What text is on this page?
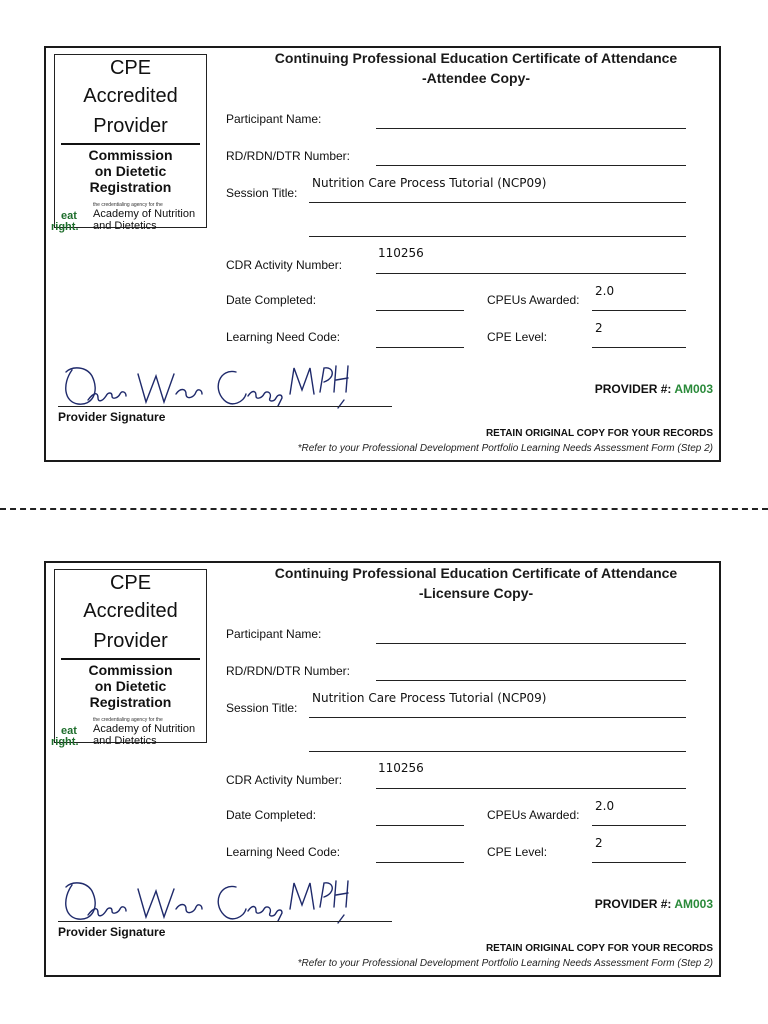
CPE
Accredited
Provider
Commission
on Dietetic
Registration
the credentialing agency for the
Academy of Nutrition
and Dietetics
eat
right.
Continuing Professional Education Certificate of Attendance
-Attendee Copy-
Participant Name:
RD/RDN/DTR Number:
Session Title:
Nutrition Care Process Tutorial (NCP09)
CDR Activity Number:
110256
Date Completed:	CPEUs Awarded:
2.0
Learning Need Code:	CPE Level:
2
Provider Signature
PROVIDER #: AM003
RETAIN ORIGINAL COPY FOR YOUR RECORDS
*Refer to your Professional Development Portfolio Learning Needs Assessment Form (Step 2)
CPE
Accredited
Provider
Commission
on Dietetic
Registration
the credentialing agency for the
Academy of Nutrition
and Dietetics
eat
right.
Continuing Professional Education Certificate of Attendance
-Licensure Copy-
Participant Name:
RD/RDN/DTR Number:
Session Title:
Nutrition Care Process Tutorial (NCP09)
CDR Activity Number:
110256
Date Completed:	CPEUs Awarded:
2.0
Learning Need Code:	CPE Level:
2
Provider Signature
PROVIDER #: AM003
RETAIN ORIGINAL COPY FOR YOUR RECORDS
*Refer to your Professional Development Portfolio Learning Needs Assessment Form (Step 2)
